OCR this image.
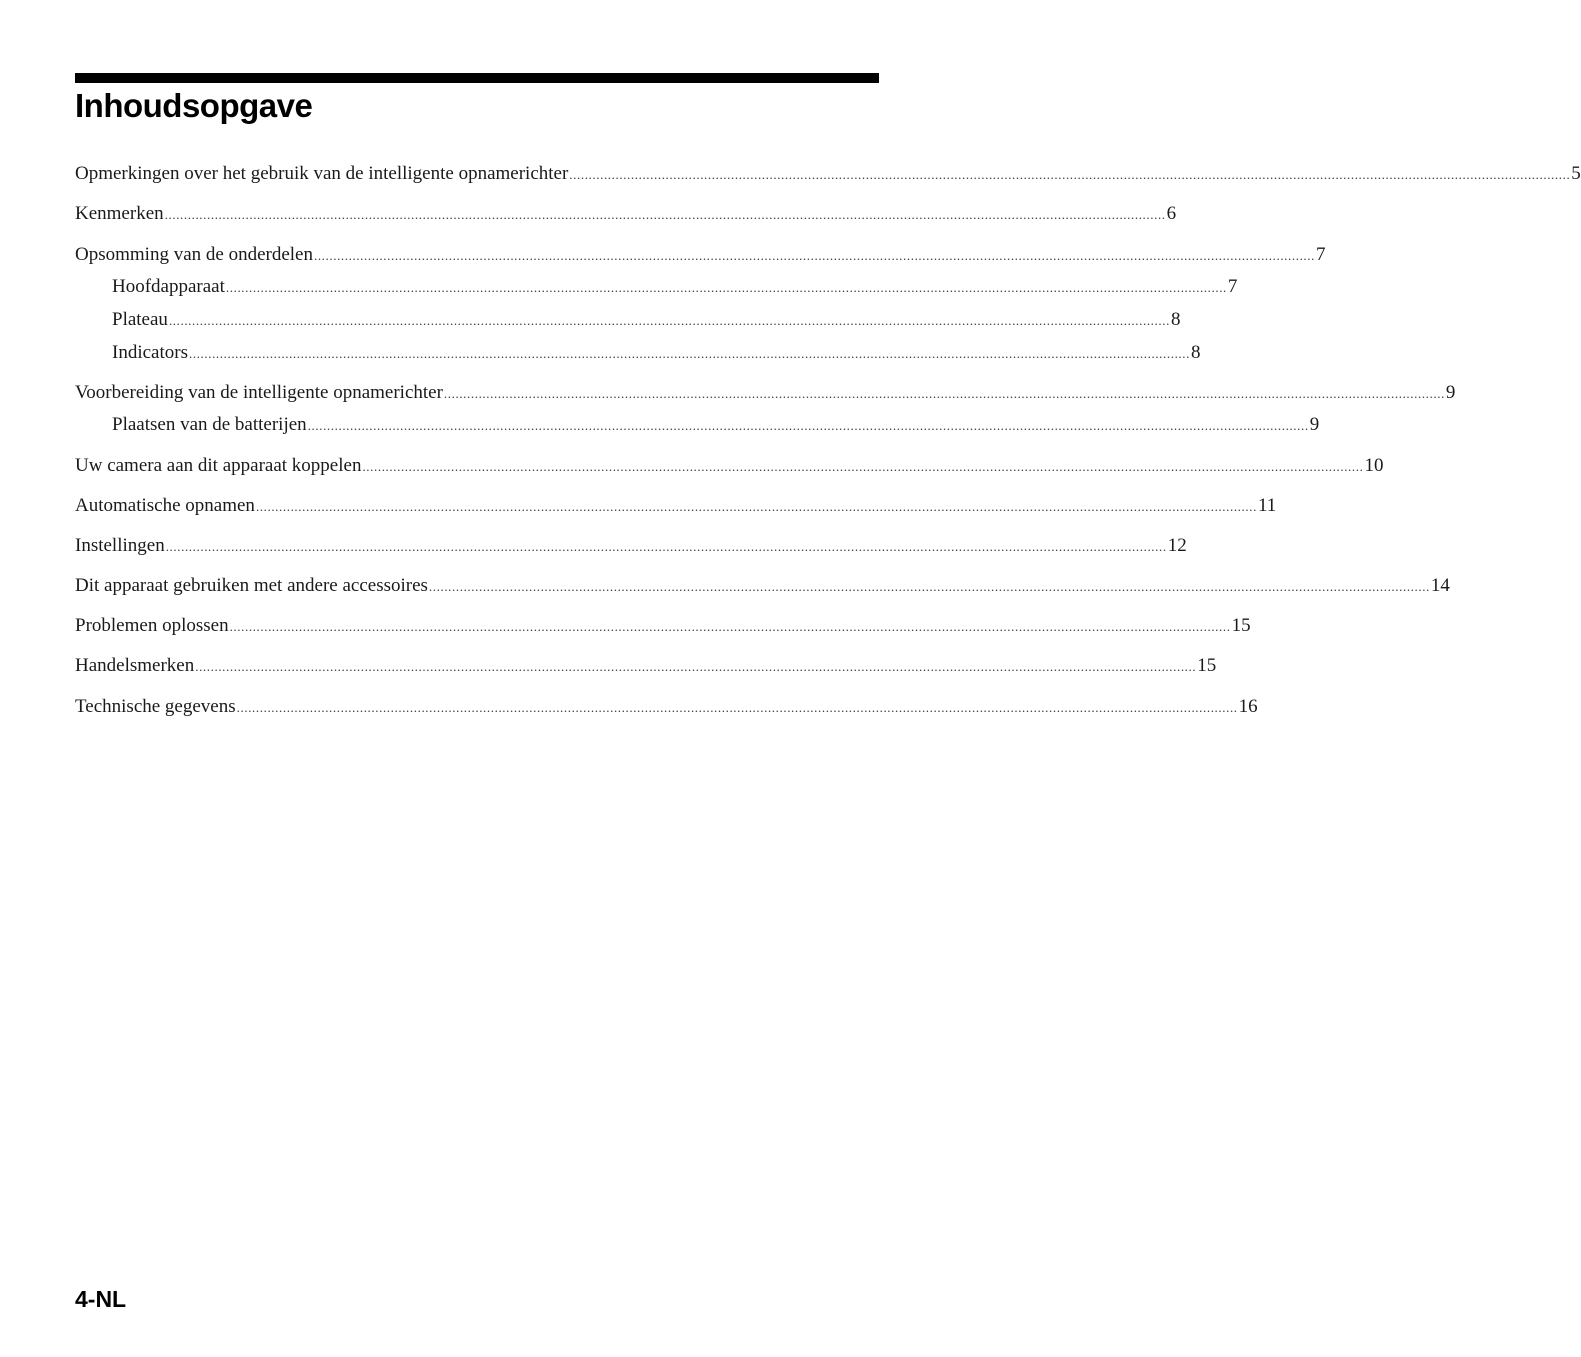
Inhoudsopgave
Opmerkingen over het gebruik van de intelligente opnamerichter .................................................................................................................................................................................................................................................................... 5
Kenmerken .................................................................................................................................................................................................................................................................... 6
Opsomming van de onderdelen .................................................................................................................................................................................................................................................................... 7
Hoofdapparaat .................................................................................................................................................................................................................................................................... 7
Plateau .................................................................................................................................................................................................................................................................... 8
Indicators .................................................................................................................................................................................................................................................................... 8
Voorbereiding van de intelligente opnamerichter .................................................................................................................................................................................................................................................................... 9
Plaatsen van de batterijen .................................................................................................................................................................................................................................................................... 9
Uw camera aan dit apparaat koppelen .................................................................................................................................................................................................................................................................... 10
Automatische opnamen .................................................................................................................................................................................................................................................................... 11
Instellingen .................................................................................................................................................................................................................................................................... 12
Dit apparaat gebruiken met andere accessoires .................................................................................................................................................................................................................................................................... 14
Problemen oplossen .................................................................................................................................................................................................................................................................... 15
Handelsmerken .................................................................................................................................................................................................................................................................... 15
Technische gegevens .................................................................................................................................................................................................................................................................... 16
4-NL
